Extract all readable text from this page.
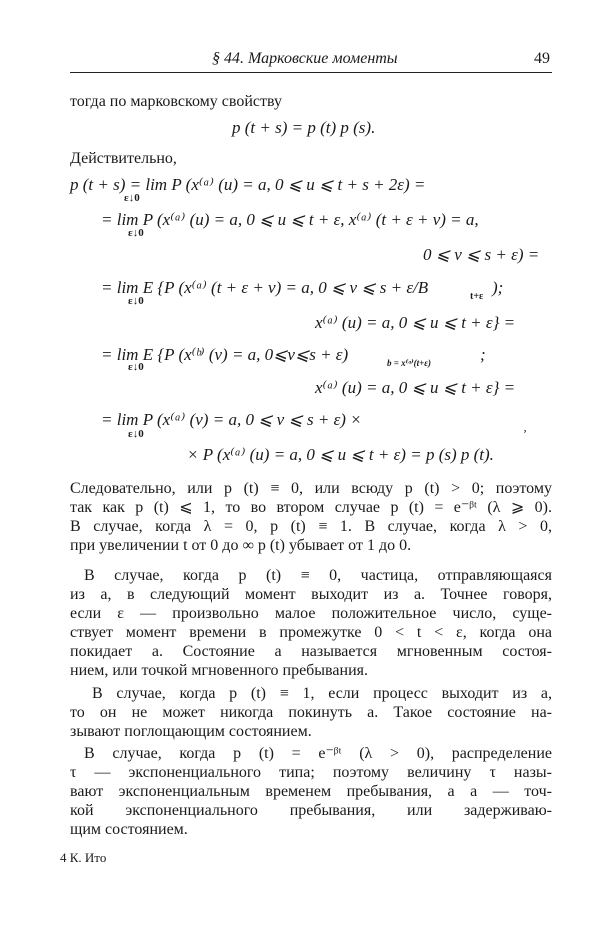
§ 44. Марковские моменты	49
тогда по марковскому свойству
p (t + s) = p (t) p (s).
Действительно,
p (t + s) = lim P (x⁽ᵃ⁾ (u) = a, 0 ⩽ u ⩽ t + s + 2ε) =
ε↓0
= lim P (x⁽ᵃ⁾ (u) = a, 0 ⩽ u ⩽ t + ε, x⁽ᵃ⁾ (t + ε + v) = a,
ε↓0
0 ⩽ v ⩽ s + ε) =
= lim E {P (x⁽ᵃ⁾ (t + ε + v) = a, 0 ⩽ v ⩽ s + ε/B	t+ε );
ε↓0
x⁽ᵃ⁾ (u) = a, 0 ⩽ u ⩽ t + ε} =
= lim E {P (x⁽ᵇ⁾ (v) = a, 0⩽v⩽s + ε)	b = x⁽ᵃ⁾(t+ε)	;
ε↓0
x⁽ᵃ⁾ (u) = a, 0 ⩽ u ⩽ t + ε} =
= lim P (x⁽ᵃ⁾ (v) = a, 0 ⩽ v ⩽ s + ε) ×
ε↓0	ʼ
× P (x⁽ᵃ⁾ (u) = a, 0 ⩽ u ⩽ t + ε) = p (s) p (t).
Следовательно, или p (t) ≡ 0, или всюду p (t) > 0; поэтому
так как p (t) ⩽ 1, то во втором случае p (t) = e⁻ᵝᵗ (λ ⩾ 0).
В случае, когда λ = 0, p (t) ≡ 1. В случае, когда λ > 0,
при увеличении t от 0 до ∞ p (t) убывает от 1 до 0.
В случае, когда p (t) ≡ 0, частица, отправляющаяся
из a, в следующий момент выходит из a. Точнее говоря,
если ε — произвольно малое положительное число, суще-
ствует момент времени в промежутке 0 < t < ε, когда она
покидает a. Состояние a называется мгновенным состоя-
нием, или точкой мгновенного пребывания.
В случае, когда p (t) ≡ 1, если процесс выходит из a,
то он не может никогда покинуть a. Такое состояние на-
зывают поглощающим состоянием.
В случае, когда p (t) = e⁻ᵝᵗ (λ > 0), распределение
τ — экспоненциального типа; поэтому величину τ назы-
вают экспоненциальным временем пребывания, а a — точ-
кой экспоненциального пребывания, или задерживаю-
щим состоянием.
4 К. Ито
